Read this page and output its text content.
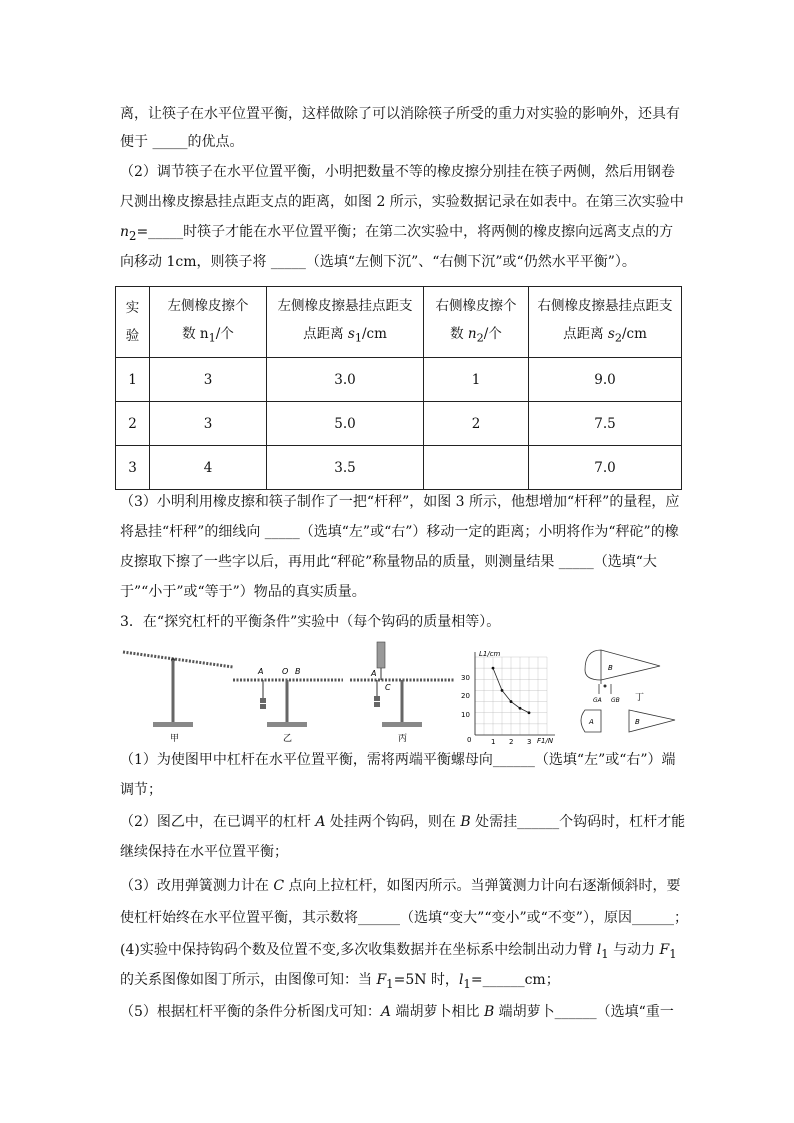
离，让筷子在水平位置平衡，这样做除了可以消除筷子所受的重力对实验的影响外，还具有
便于 _____的优点。
（2）调节筷子在水平位置平衡，小明把数量不等的橡皮擦分别挂在筷子两侧，然后用钢卷
尺测出橡皮擦悬挂点距支点的距离，如图 2 所示，实验数据记录在如表中。在第三次实验中
$n_2=\_\_\_\_\_$时筷子才能在水平位置平衡；在第二次实验中，将两侧的橡皮擦向远离支点的方
向移动 1cm，则筷子将 _____（选填“左侧下沉”、“右侧下沉”或“仍然水平平衡”）。
实
验	左侧橡皮擦个
数 $n_1/$个	左侧橡皮擦悬挂点距支
点距离 $s_1/cm$	右侧橡皮擦个
数 $n_2/$个	右侧橡皮擦悬挂点距支
点距离 $s_2/cm$
1	3	3.0	1	9.0
2	3	5.0	2	7.5
3	4	3.5		7.0
（3）小明利用橡皮擦和筷子制作了一把“杆秤”，如图 3 所示，他想增加“杆秤”的量程，应
将悬挂“杆秤”的细线向 _____（选填“左”或“右”）移动一定的距离；小明将作为“秤砣”的橡
皮擦取下擦了一些字以后，再用此“秤砣”称量物品的质量，则测量结果 _____（选填“大
于”“小于”或“等于”）物品的真实质量。
3．在“探究杠杆的平衡条件”实验中（每个钩码的质量相等）。
甲
A O B
乙
A
C
丙
L1/cm
F1/N
30
20
10
0	1 2 3
GA GB
B
A	B
丁
（1）为使图甲中杠杆在水平位置平衡，需将两端平衡螺母向______（选填“左”或“右”）端
调节；
（2）图乙中，在已调平的杠杆 A 处挂两个钩码，则在 B 处需挂______个钩码时，杠杆才能
继续保持在水平位置平衡；
（3）改用弹簧测力计在 C 点向上拉杠杆，如图丙所示。当弹簧测力计向右逐渐倾斜时，要
使杠杆始终在水平位置平衡，其示数将______（选填“变大”“变小”或“不变”），原因______；
(4)实验中保持钩码个数及位置不变,多次收集数据并在坐标系中绘制出动力臂 $l_1$ 与动力 $F_1$
的关系图像如图丁所示，由图像可知：当 $F_1=5N$ 时，$l_1=\_\_\_\_\_\_cm$；
（5）根据杠杆平衡的条件分析图戊可知：A 端胡萝卜相比 B 端胡萝卜______（选填“重一
